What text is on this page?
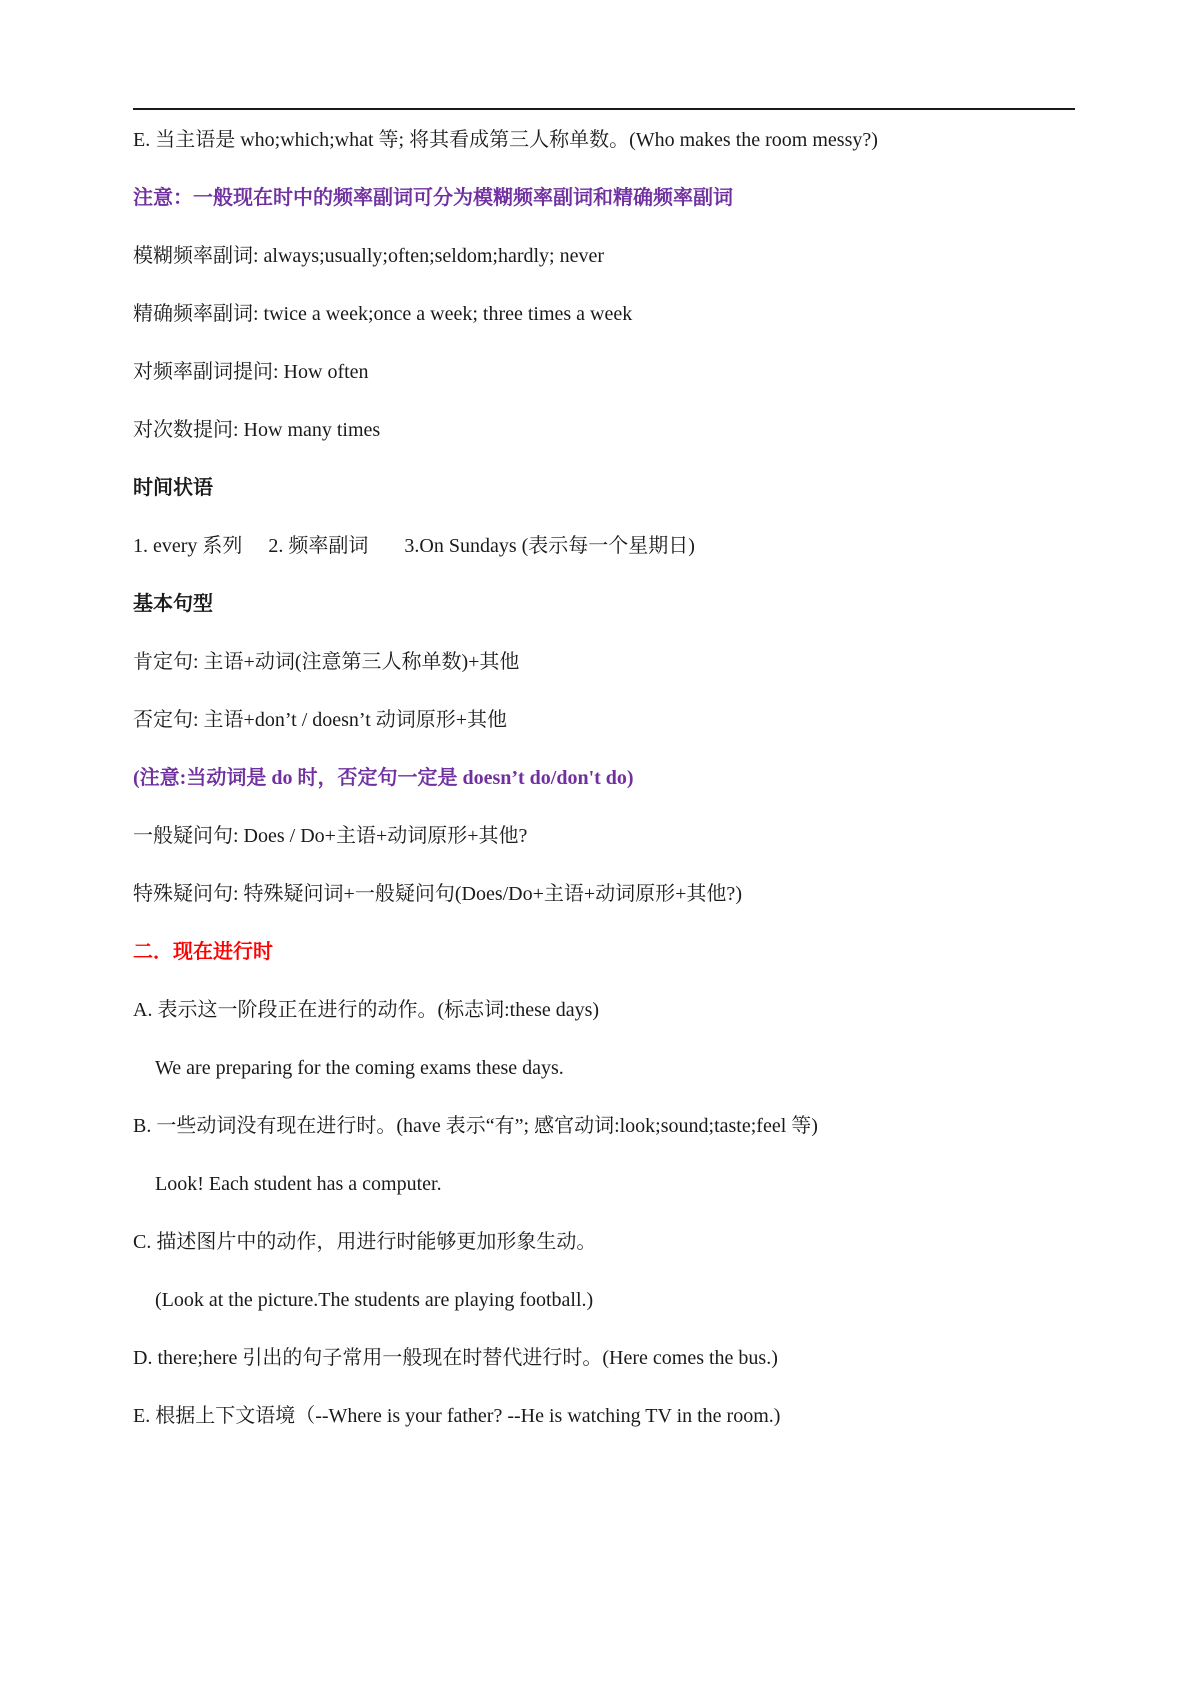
E. 当主语是 who;which;what 等; 将其看成第三人称单数。(Who makes the room messy?)
注意：一般现在时中的频率副词可分为模糊频率副词和精确频率副词
模糊频率副词: always;usually;often;seldom;hardly; never
精确频率副词: twice a week;once a week; three times a week
对频率副词提问: How often
对次数提问: How many times
时间状语
1. every 系列 2. 频率副词 3.On Sundays (表示每一个星期日)
基本句型
肯定句: 主语+动词(注意第三人称单数)+其他
否定句: 主语+don’t / doesn’t 动词原形+其他
(注意:当动词是 do 时，否定句一定是 doesn’t do/don't do)
一般疑问句: Does / Do+主语+动词原形+其他?
特殊疑问句: 特殊疑问词+一般疑问句(Does/Do+主语+动词原形+其他?)
二．现在进行时
A. 表示这一阶段正在进行的动作。(标志词:these days)
We are preparing for the coming exams these days.
B. 一些动词没有现在进行时。(have 表示“有”; 感官动词:look;sound;taste;feel 等)
Look! Each student has a computer.
C. 描述图片中的动作，用进行时能够更加形象生动。
(Look at the picture.The students are playing football.)
D. there;here 引出的句子常用一般现在时替代进行时。(Here comes the bus.)
E. 根据上下文语境（--Where is your father? --He is watching TV in the room.)
